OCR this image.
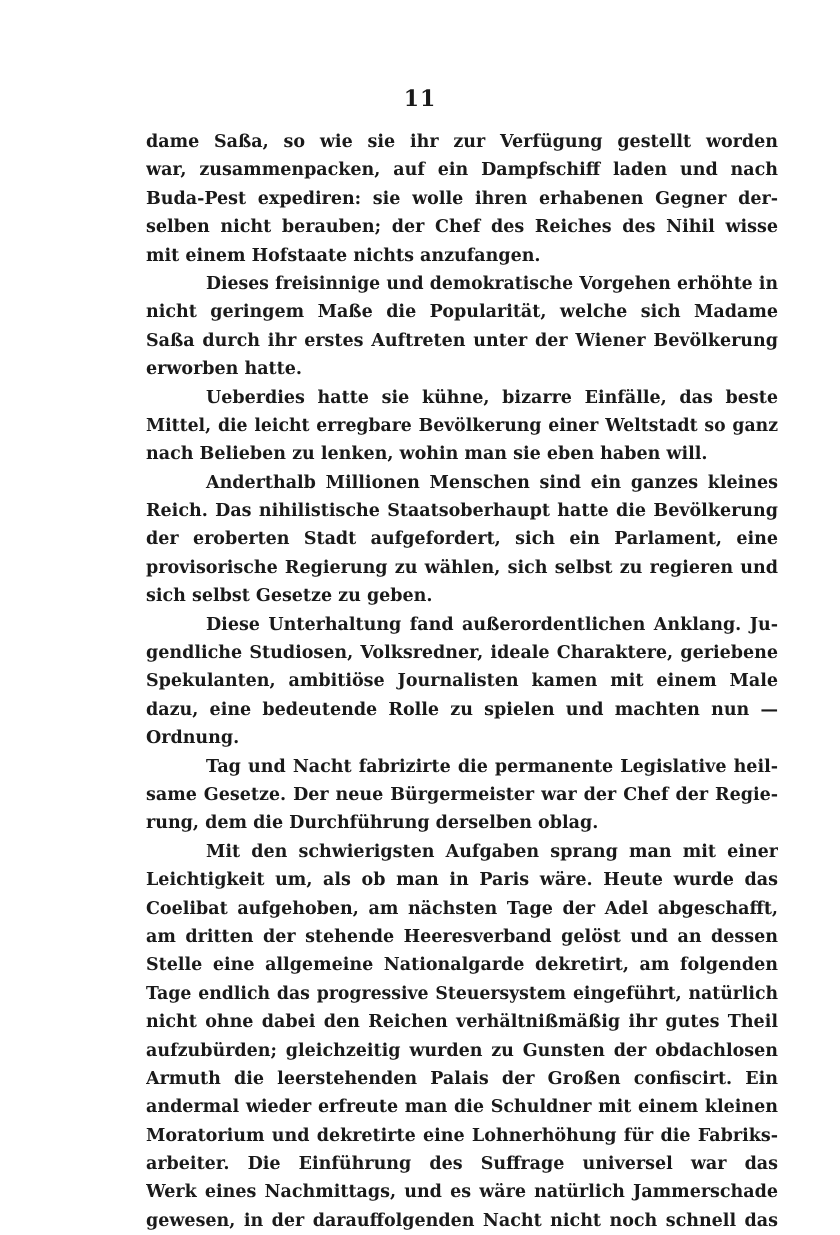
11
dame Saßa, so wie sie ihr zur Verfügung gestellt worden
war, zusammenpacken, auf ein Dampfschiff laden und nach
Buda-Pest expediren: sie wolle ihren erhabenen Gegner der-
selben nicht berauben; der Chef des Reiches des Nihil wisse
mit einem Hofstaate nichts anzufangen.
Dieses freisinnige und demokratische Vorgehen erhöhte in
nicht geringem Maße die Popularität, welche sich Madame
Saßa durch ihr erstes Auftreten unter der Wiener Bevölkerung
erworben hatte.
Ueberdies hatte sie kühne, bizarre Einfälle, das beste
Mittel, die leicht erregbare Bevölkerung einer Weltstadt so ganz
nach Belieben zu lenken, wohin man sie eben haben will.
Anderthalb Millionen Menschen sind ein ganzes kleines
Reich. Das nihilistische Staatsoberhaupt hatte die Bevölkerung
der eroberten Stadt aufgefordert, sich ein Parlament, eine
provisorische Regierung zu wählen, sich selbst zu regieren und
sich selbst Gesetze zu geben.
Diese Unterhaltung fand außerordentlichen Anklang. Ju-
gendliche Studiosen, Volksredner, ideale Charaktere, geriebene
Spekulanten, ambitiöse Journalisten kamen mit einem Male
dazu, eine bedeutende Rolle zu spielen und machten nun —
Ordnung.
Tag und Nacht fabrizirte die permanente Legislative heil-
same Gesetze. Der neue Bürgermeister war der Chef der Regie-
rung, dem die Durchführung derselben oblag.
Mit den schwierigsten Aufgaben sprang man mit einer
Leichtigkeit um, als ob man in Paris wäre. Heute wurde das
Coelibat aufgehoben, am nächsten Tage der Adel abgeschafft,
am dritten der stehende Heeresverband gelöst und an dessen
Stelle eine allgemeine Nationalgarde dekretirt, am folgenden
Tage endlich das progressive Steuersystem eingeführt, natürlich
nicht ohne dabei den Reichen verhältnißmäßig ihr gutes Theil
aufzubürden; gleichzeitig wurden zu Gunsten der obdachlosen
Armuth die leerstehenden Palais der Großen confiscirt. Ein
andermal wieder erfreute man die Schuldner mit einem kleinen
Moratorium und dekretirte eine Lohnerhöhung für die Fabriks-
arbeiter. Die Einführung des Suffrage universel war das
Werk eines Nachmittags, und es wäre natürlich Jammerschade
gewesen, in der darauffolgenden Nacht nicht noch schnell das
